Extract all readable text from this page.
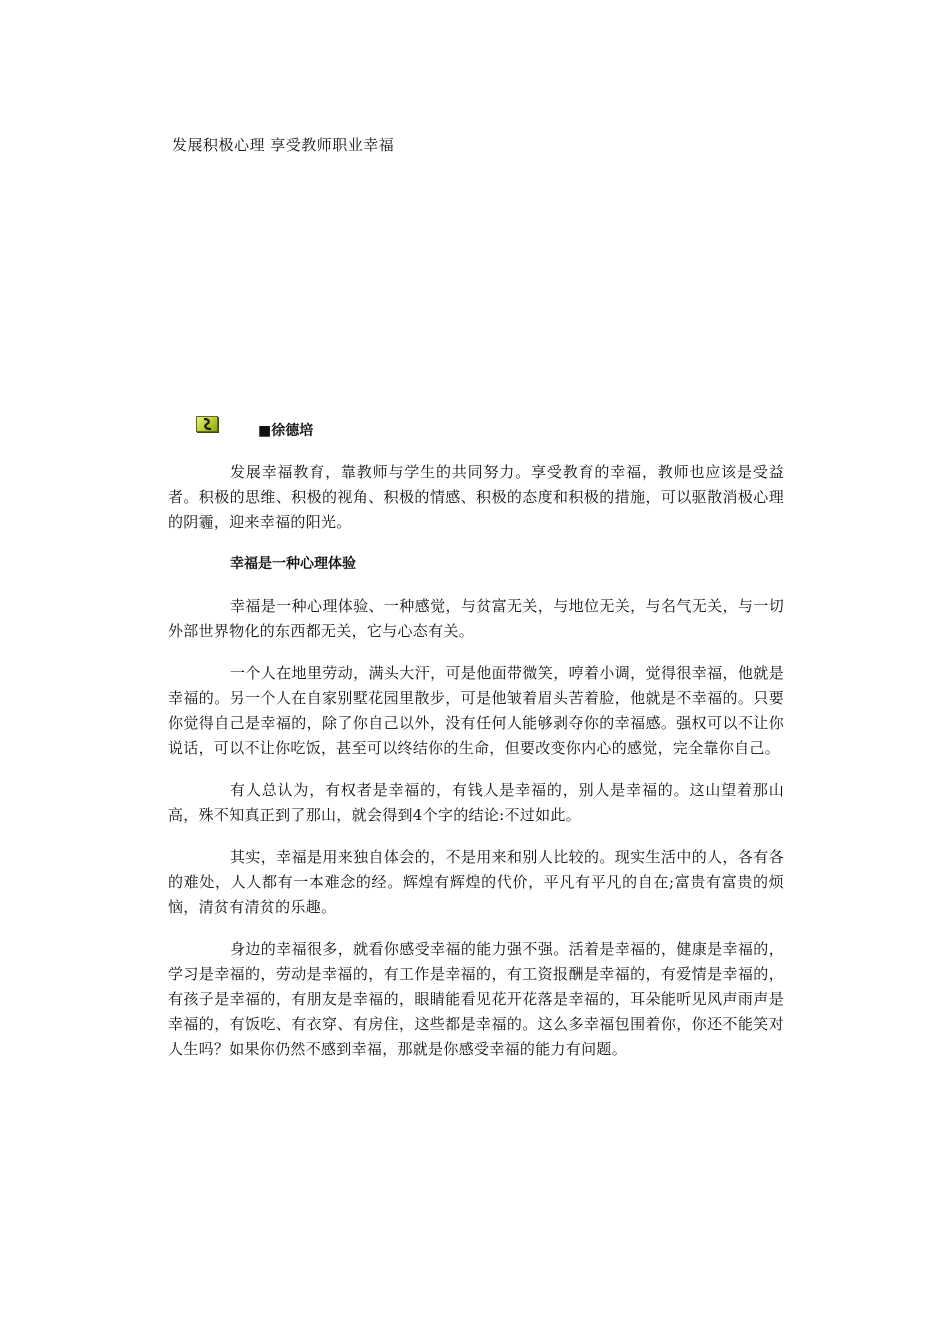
发展积极心理 享受教师职业幸福
■徐德培

发展幸福教育，靠教师与学生的共同努力。享受教育的幸福，教师也应该是受益者。积极的思维、积极的视角、积极的情感、积极的态度和积极的措施，可以驱散消极心理的阴霾，迎来幸福的阳光。

幸福是一种心理体验

幸福是一种心理体验、一种感觉，与贫富无关，与地位无关，与名气无关，与一切外部世界物化的东西都无关，它与心态有关。

一个人在地里劳动，满头大汗，可是他面带微笑，哼着小调，觉得很幸福，他就是幸福的。另一个人在自家别墅花园里散步，可是他皱着眉头苦着脸，他就是不幸福的。只要你觉得自己是幸福的，除了你自己以外，没有任何人能够剥夺你的幸福感。强权可以不让你说话，可以不让你吃饭，甚至可以终结你的生命，但要改变你内心的感觉，完全靠你自己。

有人总认为，有权者是幸福的，有钱人是幸福的，别人是幸福的。这山望着那山高，殊不知真正到了那山，就会得到4个字的结论:不过如此。

其实，幸福是用来独自体会的，不是用来和别人比较的。现实生活中的人，各有各的难处，人人都有一本难念的经。辉煌有辉煌的代价，平凡有平凡的自在;富贵有富贵的烦恼，清贫有清贫的乐趣。

身边的幸福很多，就看你感受幸福的能力强不强。活着是幸福的，健康是幸福的，学习是幸福的，劳动是幸福的，有工作是幸福的，有工资报酬是幸福的，有爱情是幸福的，有孩子是幸福的，有朋友是幸福的，眼睛能看见花开花落是幸福的，耳朵能听见风声雨声是幸福的，有饭吃、有衣穿、有房住，这些都是幸福的。这么多幸福包围着你，你还不能笑对人生吗？如果你仍然不感到幸福，那就是你感受幸福的能力有问题。
